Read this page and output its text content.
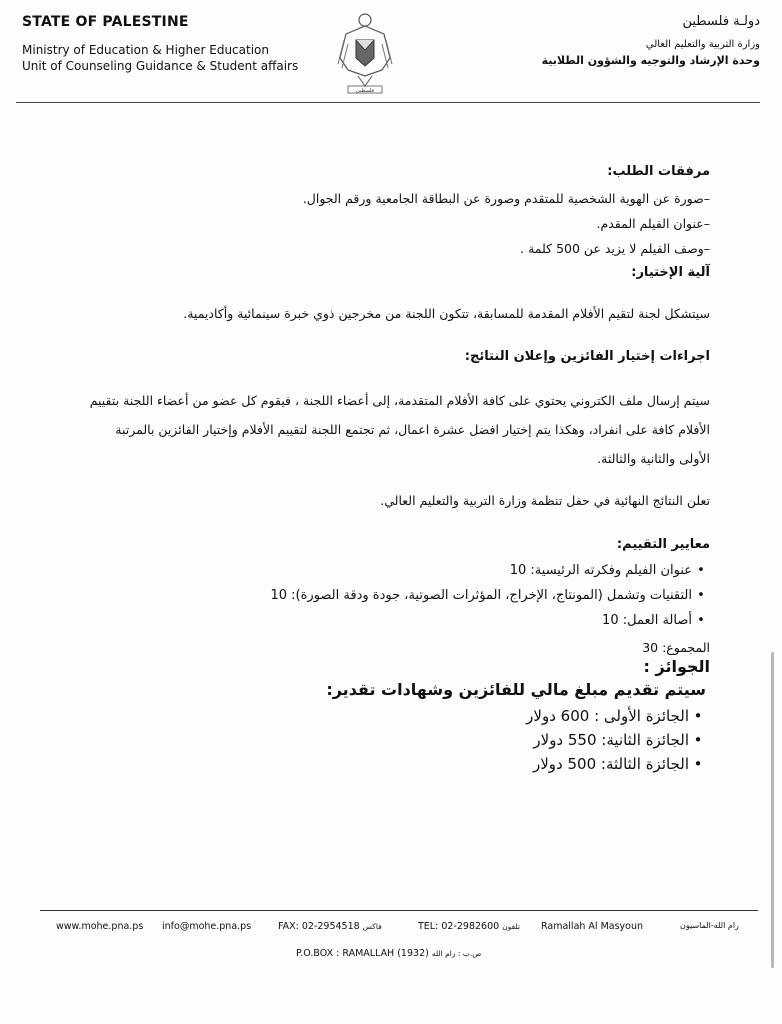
STATE OF PALESTINE
Ministry of Education & Higher Education
Unit of Counseling Guidance & Student affairs
فلسطين
دولـة فلسطين
وزارة التربية والتعليم العالي
وحدة الإرشاد والتوجيه والشؤون الطلابية
مرفقات الطلب:
–صورة عن الهوية الشخصية للمتقدم وصورة عن البطاقة الجامعية ورقم الجوال.
–عنوان الفيلم المقدم.
–وصف الفيلم لا يزيد عن 500 كلمة .
آلية الإختيار:
سيتشكل لجنة لتقيم الأفلام المقدمة للمسابقة، تتكون اللجنة من مخرجين ذوي خبرة سينمائية وأكاديمية.
اجراءات إختيار الفائزين وإعلان النتائج:
سيتم إرسال ملف الكتروني يحتوي على كافة الأفلام المتقدمة، إلى أعضاء اللجنة ، فيقوم كل عضو من أعضاء اللجنة بتقييم
الأفلام كافة على انفراد، وهكذا يتم إختيار افضل عشرة اعمال، ثم تجتمع اللجنة لتقييم الأفلام وإختيار الفائزين بالمرتبة
الأولى والثانية والثالثة.
تعلن النتائج النهائية في حفل تنظمة وزارة التربية والتعليم العالي.
معايير التقييم:
• عنوان الفيلم وفكرته الرئيسية: 10
• التقنيات وتشمل (المونتاج، الإخراج، المؤثرات الصوتية، جودة ودقة الصورة): 10
• أصالة العمل: 10
المجموع: 30
الجوائز :
سيتم تقديم مبلغ مالي للفائزين وشهادات تقدير:
• الجائزة الأولى : 600 دولار
• الجائزة الثانية: 550 دولار
• الجائزة الثالثة: 500 دولار
www.mohe.pna.ps info@mohe.pna.ps	FAX: 02-2954518 فاكس	TEL: 02-2982600 تلفون Ramallah Al Masyoun	رام الله-الماسيون
P.O.BOX : RAMALLAH (1932) ص.ب : رام الله
